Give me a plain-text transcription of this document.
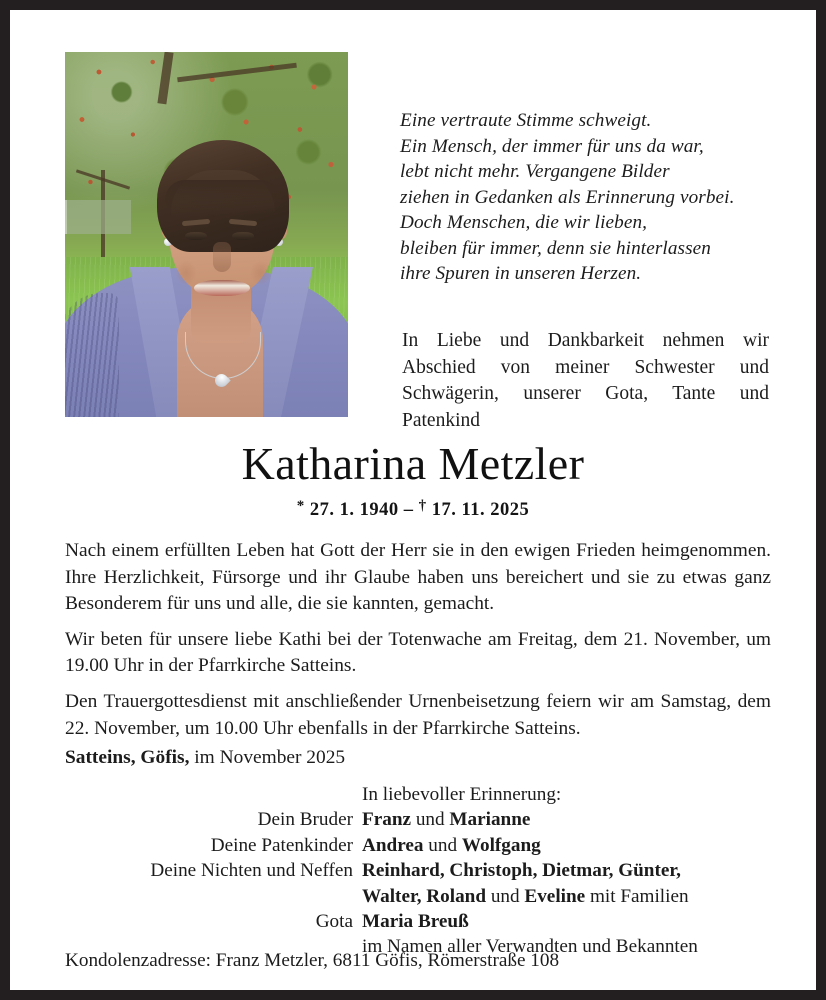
Eine vertraute Stimme schweigt.
Ein Mensch, der immer für uns da war,
lebt nicht mehr. Vergangene Bilder
ziehen in Gedanken als Erinnerung vorbei.
Doch Menschen, die wir lieben,
bleiben für immer, denn sie hinterlassen
ihre Spuren in unseren Herzen.
In Liebe und Dankbarkeit nehmen wir Abschied von meiner Schwester und Schwägerin, unserer Gota, Tante und Patenkind
Katharina Metzler
* 27. 1. 1940 – † 17. 11. 2025

Nach einem erfüllten Leben hat Gott der Herr sie in den ewigen Frieden heimgenommen. Ihre Herzlichkeit, Fürsorge und ihr Glaube haben uns bereichert und sie zu etwas ganz Besonderem für uns und alle, die sie kannten, gemacht.

Wir beten für unsere liebe Kathi bei der Totenwache am Freitag, dem 21. November, um 19.00 Uhr in der Pfarrkirche Satteins.

Den Trauergottesdienst mit anschließender Urnenbeisetzung feiern wir am Samstag, dem 22. November, um 10.00 Uhr ebenfalls in der Pfarrkirche Satteins.

Satteins, Göfis, im November 2025
In liebevoller Erinnerung:
Dein Bruder Franz und Marianne
Deine Patenkinder Andrea und Wolfgang
Deine Nichten und Neffen Reinhard, Christoph, Dietmar, Günter,
Walter, Roland und Eveline mit Familien
Gota Maria Breuß
im Namen aller Verwandten und Bekannten
Kondolenzadresse: Franz Metzler, 6811 Göfis, Römerstraße 108
